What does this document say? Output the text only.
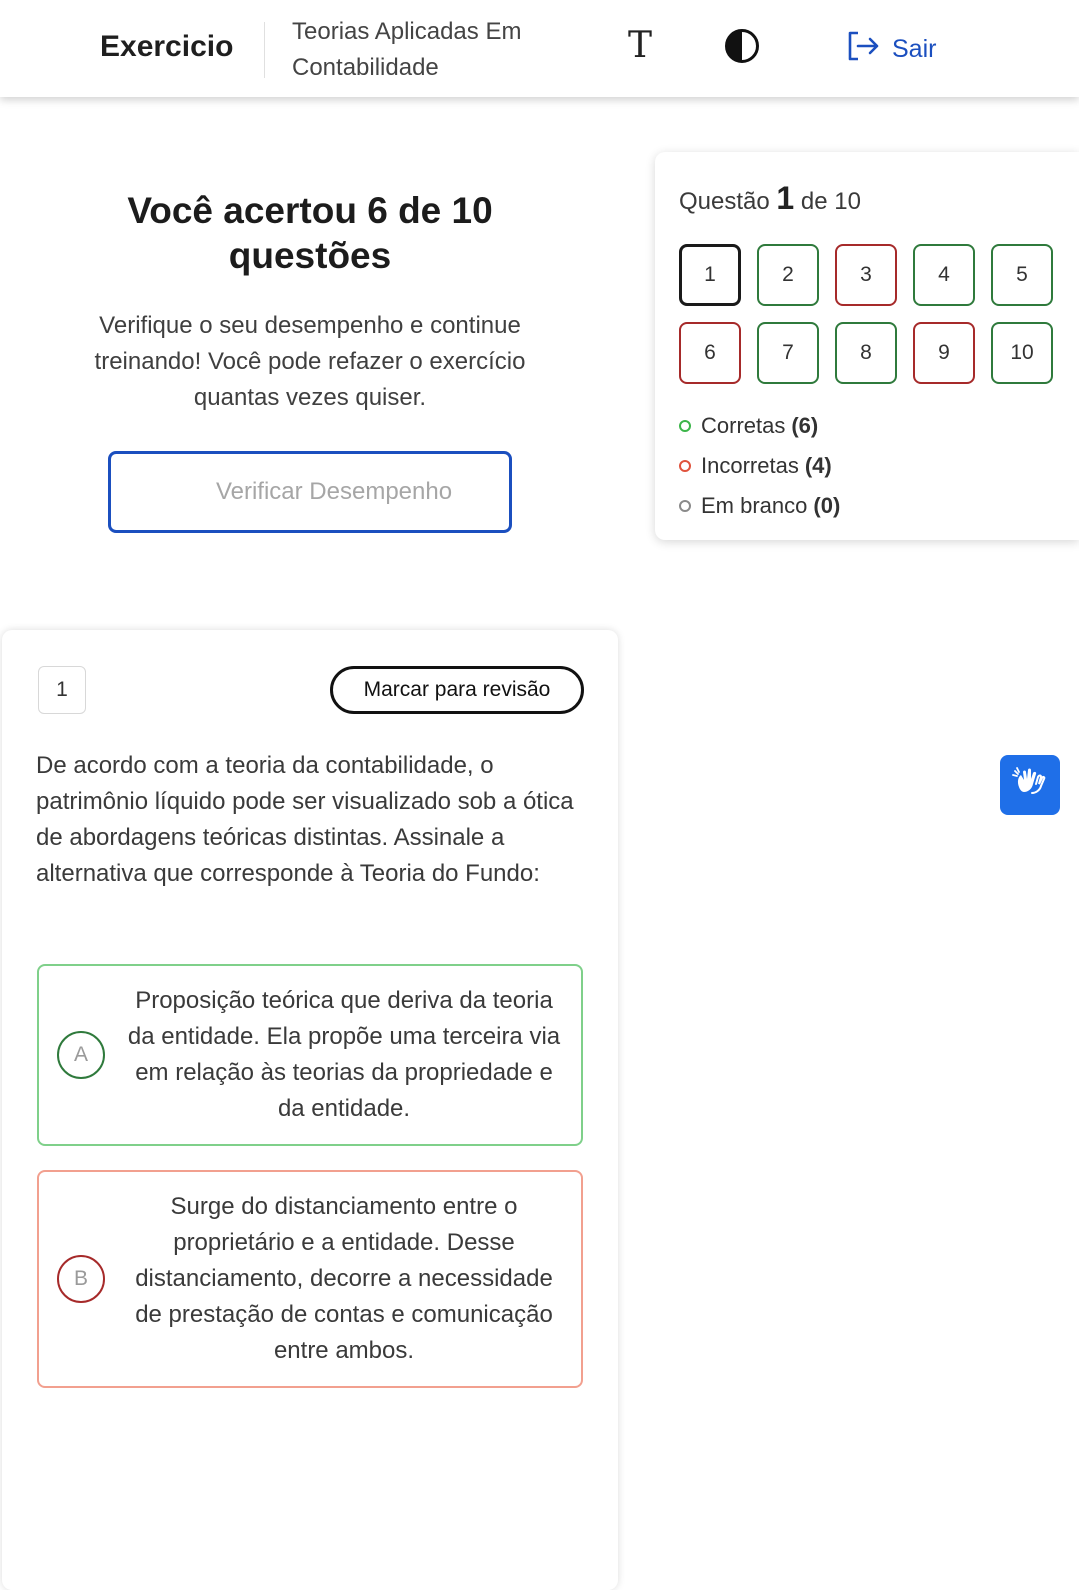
Exercicio Teorias Aplicadas Em Contabilidade
T	Sair
Você acertou 6 de 10 questões

Verifique o seu desempenho e continue treinando! Você pode refazer o exercício quantas vezes quiser.

Verificar Desempenho
Questão 1 de 10
1	2	3	4	5
6	7	8	9	10
Corretas (6)
Incorretas (4)
Em branco (0)
1	Marcar para revisão
De acordo com a teoria da contabilidade, o patrimônio líquido pode ser visualizado sob a ótica de abordagens teóricas distintas. Assinale a alternativa que corresponde à Teoria do Fundo:
A
Proposição teórica que deriva da teoria da entidade. Ela propõe uma terceira via em relação às teorias da propriedade e da entidade.
B
Surge do distanciamento entre o proprietário e a entidade. Desse distanciamento, decorre a necessidade de prestação de contas e comunicação entre ambos.
